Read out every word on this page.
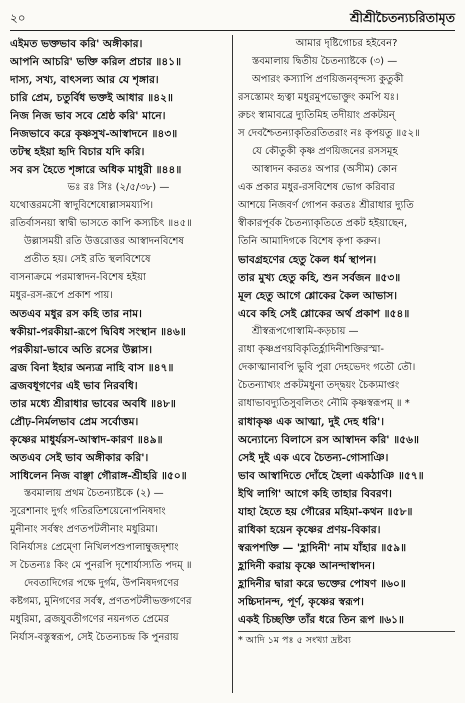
২০	শ্রীশ্রীচৈতন্যচরিতামৃত
এইমত ভক্তভাব করি' অঙ্গীকার।
আপনি আচরি' ভক্তি করিল প্রচার ॥৪১॥
দাস্য, সখ্য, বাৎসল্য আর যে শৃঙ্গার।
চারি প্রেম, চতুর্বিধ ভক্তই আধার ॥৪২॥
নিজ নিজ ভাব সবে শ্রেষ্ঠ করি' মানে।
নিজভাবে করে কৃষ্ণসুখ-আস্বাদনে ॥৪৩॥
তটস্থ হইয়া হৃদি বিচার যদি করি।
সব রস হৈতে শৃঙ্গারে অধিক মাধুরী ॥৪৪॥
ভঃ রঃ সিঃ (২/৫/৩৮) —
যথোত্তরমসৌ স্বাদুবিশেষোল্লাসময্যপি।
রতির্বাসনয়া স্বাদ্বী ভাসতে কাপি কস্যচিৎ ॥৪৫॥
উল্লাসময়ী রতি উত্তরোত্তর আস্বাদনবিশেষ
প্রতীত হয়। সেই রতি স্থলবিশেষে
বাসনাক্রমে পরমাস্বাদন-বিশেষ হইয়া
মধুর-রস-রূপে প্রকাশ পায়।
অতএব মধুর রস কহি তার নাম।
স্বকীয়া-পরকীয়া-রূপে দ্বিবিধ সংস্থান ॥৪৬॥
পরকীয়া-ভাবে অতি রসের উল্লাস।
ব্রজ বিনা ইহার অন্যত্র নাহি বাস ॥৪৭॥
ব্রজবধূগণের এই ভাব নিরবধি।
তার মধ্যে শ্রীরাধার ভাবের অবধি ॥৪৮॥
প্রৌঢ়-নির্মলভাব প্রেম সর্বোত্তম।
কৃষ্ণের মাধুর্যরস-আস্বাদ-কারণ ॥৪৯॥
অতএব সেই ভাব অঙ্গীকার করি'।
সাধিলেন নিজ বাঞ্ছা গৌরাঙ্গ-শ্রীহরি ॥৫০॥
স্তবমালায় প্রথম চৈতন্যাষ্টকে (২) —
সুরেশানাং দুর্গং গতিরতিশয়েনোপনিষদাং
মুনীনাং সর্বস্বং প্রণতপটলীনাং মধুরিমা।
বিনির্যাসঃ প্রেম্ণো নিখিলপশুপালাম্বুজদৃশাং
স চৈতন্যঃ কিং মে পুনরপি দৃশোর্যাস্যতি পদম্ ॥
দেবতাদিগের পক্ষে দুর্গম, উপনিষদগণের
কষ্টগম্য, মুনিগণের সর্বস্ব, প্রণতপটলীভক্তগণের
মধুরিমা, ব্রজযুবতীগণের নয়নগত প্রেমের
নির্যাস-বস্তুস্বরূপ, সেই চৈতন্যচন্দ্র কি পুনরায়
আমার দৃষ্টিগোচর হইবেন?
স্তবমালায় দ্বিতীয় চৈতন্যাষ্টকে (৩) —
অপারং কস্যাপি প্রণয়িজনবৃন্দস্য কুতুকী
রসস্তোমং হৃত্বা মধুরমুপভোক্তুং কমপি যঃ।
রুচং স্বামাবব্রে দ্যুতিমিহ তদীয়াং প্রকটয়ন্
স দেবশ্চৈতন্যাকৃতিরতিতরাং নঃ কৃপয়তু ॥৫২॥
যে কৌতুকী কৃষ্ণ প্রণয়িজনের রসসমূহ
আস্বাদন করতঃ অপার (অসীম) কোন
এক প্রকার মধুর-রসবিশেষ ভোগ করিবার
আশয়ে নিজবর্ণ গোপন করতঃ শ্রীরাধার দ্যুতি
স্বীকারপূর্বক চৈতন্যাকৃতিতে প্রকট হইয়াছেন,
তিনি আমাদিগকে বিশেষ কৃপা করুন।
ভাবগ্রহণের হেতু কৈল ধর্ম স্থাপন।
তার মুখ্য হেতু কহি, শুন সর্বজন ॥৫৩॥
মূল হেতু আগে শ্লোকের কৈল আভাস।
এবে কহি সেই শ্লোকের অর্থ প্রকাশ ॥৫৪॥
শ্রীস্বরূপগোস্বামি-কড়চায় —
রাধা কৃষ্ণপ্রণয়বিকৃতির্হ্লাদিনীশক্তিরস্মা-
দেকাত্মানাবপি ভুবি পুরা দেহভেদং গতৌ তৌ।
চৈতন্যাখ্যং প্রকটমধুনা তদ্দ্বয়ং চৈক্যমাপ্তং
রাধাভাবদ্যুতিসুবলিতং নৌমি কৃষ্ণস্বরূপম্ ॥ *
রাধাকৃষ্ণ এক আত্মা, দুই দেহ ধরি'।
অন্যোন্যে বিলাসে রস আস্বাদন করি' ॥৫৬॥
সেই দুই এক এবে চৈতন্য-গোসাঞি।
ভাব আস্বাদিতে দোঁহে হৈলা একঠাঞি ॥৫৭॥
ইথি লাগি' আগে কহি তাহার বিবরণ।
যাহা হৈতে হয় গৌরের মহিমা-কথন ॥৫৮॥
রাধিকা হয়েন কৃষ্ণের প্রণয়-বিকার।
স্বরূপশক্তি — 'হ্লাদিনী' নাম যাঁহার ॥৫৯॥
হ্লাদিনী করায় কৃষ্ণে আনন্দাস্বাদন।
হ্লাদিনীর দ্বারা করে ভক্তের পোষণ ॥৬০॥
সচ্চিদানন্দ, পূর্ণ, কৃষ্ণের স্বরূপ।
একই চিচ্ছক্তি তাঁর ধরে তিন রূপ ॥৬১॥
* আদি ১ম পঃ ৫ সংখ্যা দ্রষ্টব্য
